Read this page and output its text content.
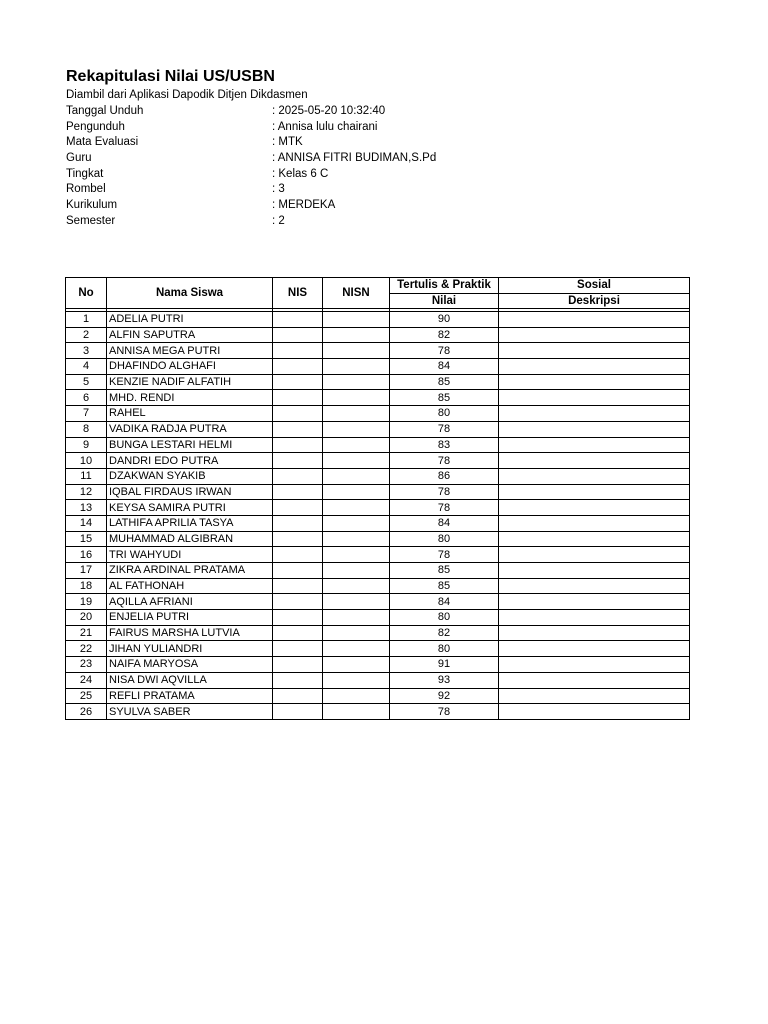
Rekapitulasi Nilai US/USBN
Diambil dari Aplikasi Dapodik Ditjen Dikdasmen
Tanggal Unduh	: 2025-05-20 10:32:40
Pengunduh	: Annisa lulu chairani
Mata Evaluasi	: MTK
Guru	: ANNISA FITRI BUDIMAN,S.Pd
Tingkat	: Kelas 6 C
Rombel	: 3
Kurikulum	: MERDEKA
Semester	: 2
No	Nama Siswa	NIS	NISN	Tertulis & Praktik	Sosial
				Nilai	Deskripsi

1	ADELIA PUTRI			90	
2	ALFIN SAPUTRA			82	
3	ANNISA MEGA PUTRI			78	
4	DHAFINDO ALGHAFI			84	
5	KENZIE NADIF ALFATIH			85	
6	MHD. RENDI			85	
7	RAHEL			80	
8	VADIKA RADJA PUTRA			78	
9	BUNGA LESTARI HELMI			83	
10	DANDRI EDO PUTRA			78	
11	DZAKWAN SYAKIB			86	
12	IQBAL FIRDAUS IRWAN			78	
13	KEYSA SAMIRA PUTRI			78	
14	LATHIFA APRILIA TASYA			84	
15	MUHAMMAD ALGIBRAN			80	
16	TRI WAHYUDI			78	
17	ZIKRA ARDINAL PRATAMA			85	
18	AL FATHONAH			85	
19	AQILLA AFRIANI			84	
20	ENJELIA PUTRI			80	
21	FAIRUS MARSHA LUTVIA			82	
22	JIHAN YULIANDRI			80	
23	NAIFA MARYOSA			91	
24	NISA DWI AQVILLA			93	
25	REFLI PRATAMA			92	
26	SYULVA SABER			78	
